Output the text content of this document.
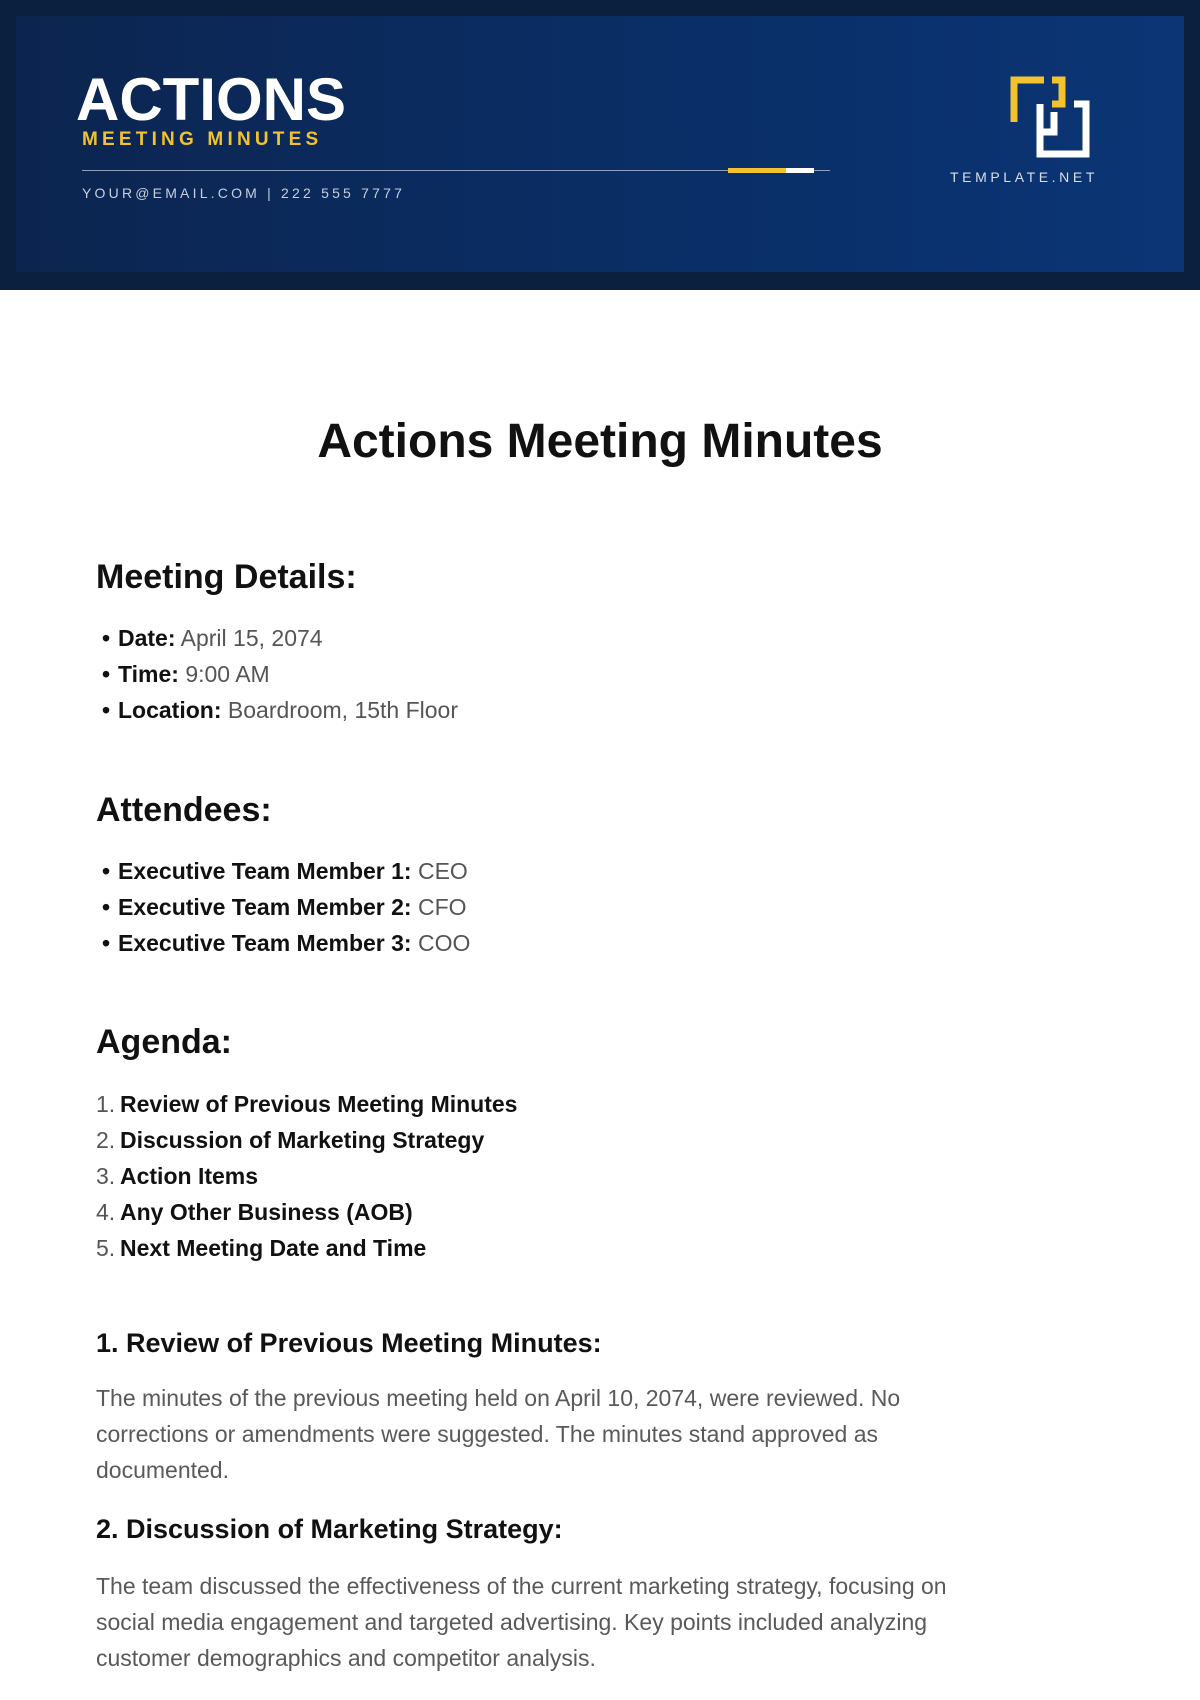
ACTIONS
MEETING MINUTES
YOUR@EMAIL.COM | 222 555 7777
TEMPLATE.NET
Actions Meeting Minutes
Meeting Details:
• Date: April 15, 2074
• Time: 9:00 AM
• Location: Boardroom, 15th Floor
Attendees:
• Executive Team Member 1: CEO
• Executive Team Member 2: CFO
• Executive Team Member 3: COO
Agenda:
1. Review of Previous Meeting Minutes
2. Discussion of Marketing Strategy
3. Action Items
4. Any Other Business (AOB)
5. Next Meeting Date and Time
1. Review of Previous Meeting Minutes:
The minutes of the previous meeting held on April 10, 2074, were reviewed. No
corrections or amendments were suggested. The minutes stand approved as
documented.
2. Discussion of Marketing Strategy:
The team discussed the effectiveness of the current marketing strategy, focusing on
social media engagement and targeted advertising. Key points included analyzing
customer demographics and competitor analysis.
